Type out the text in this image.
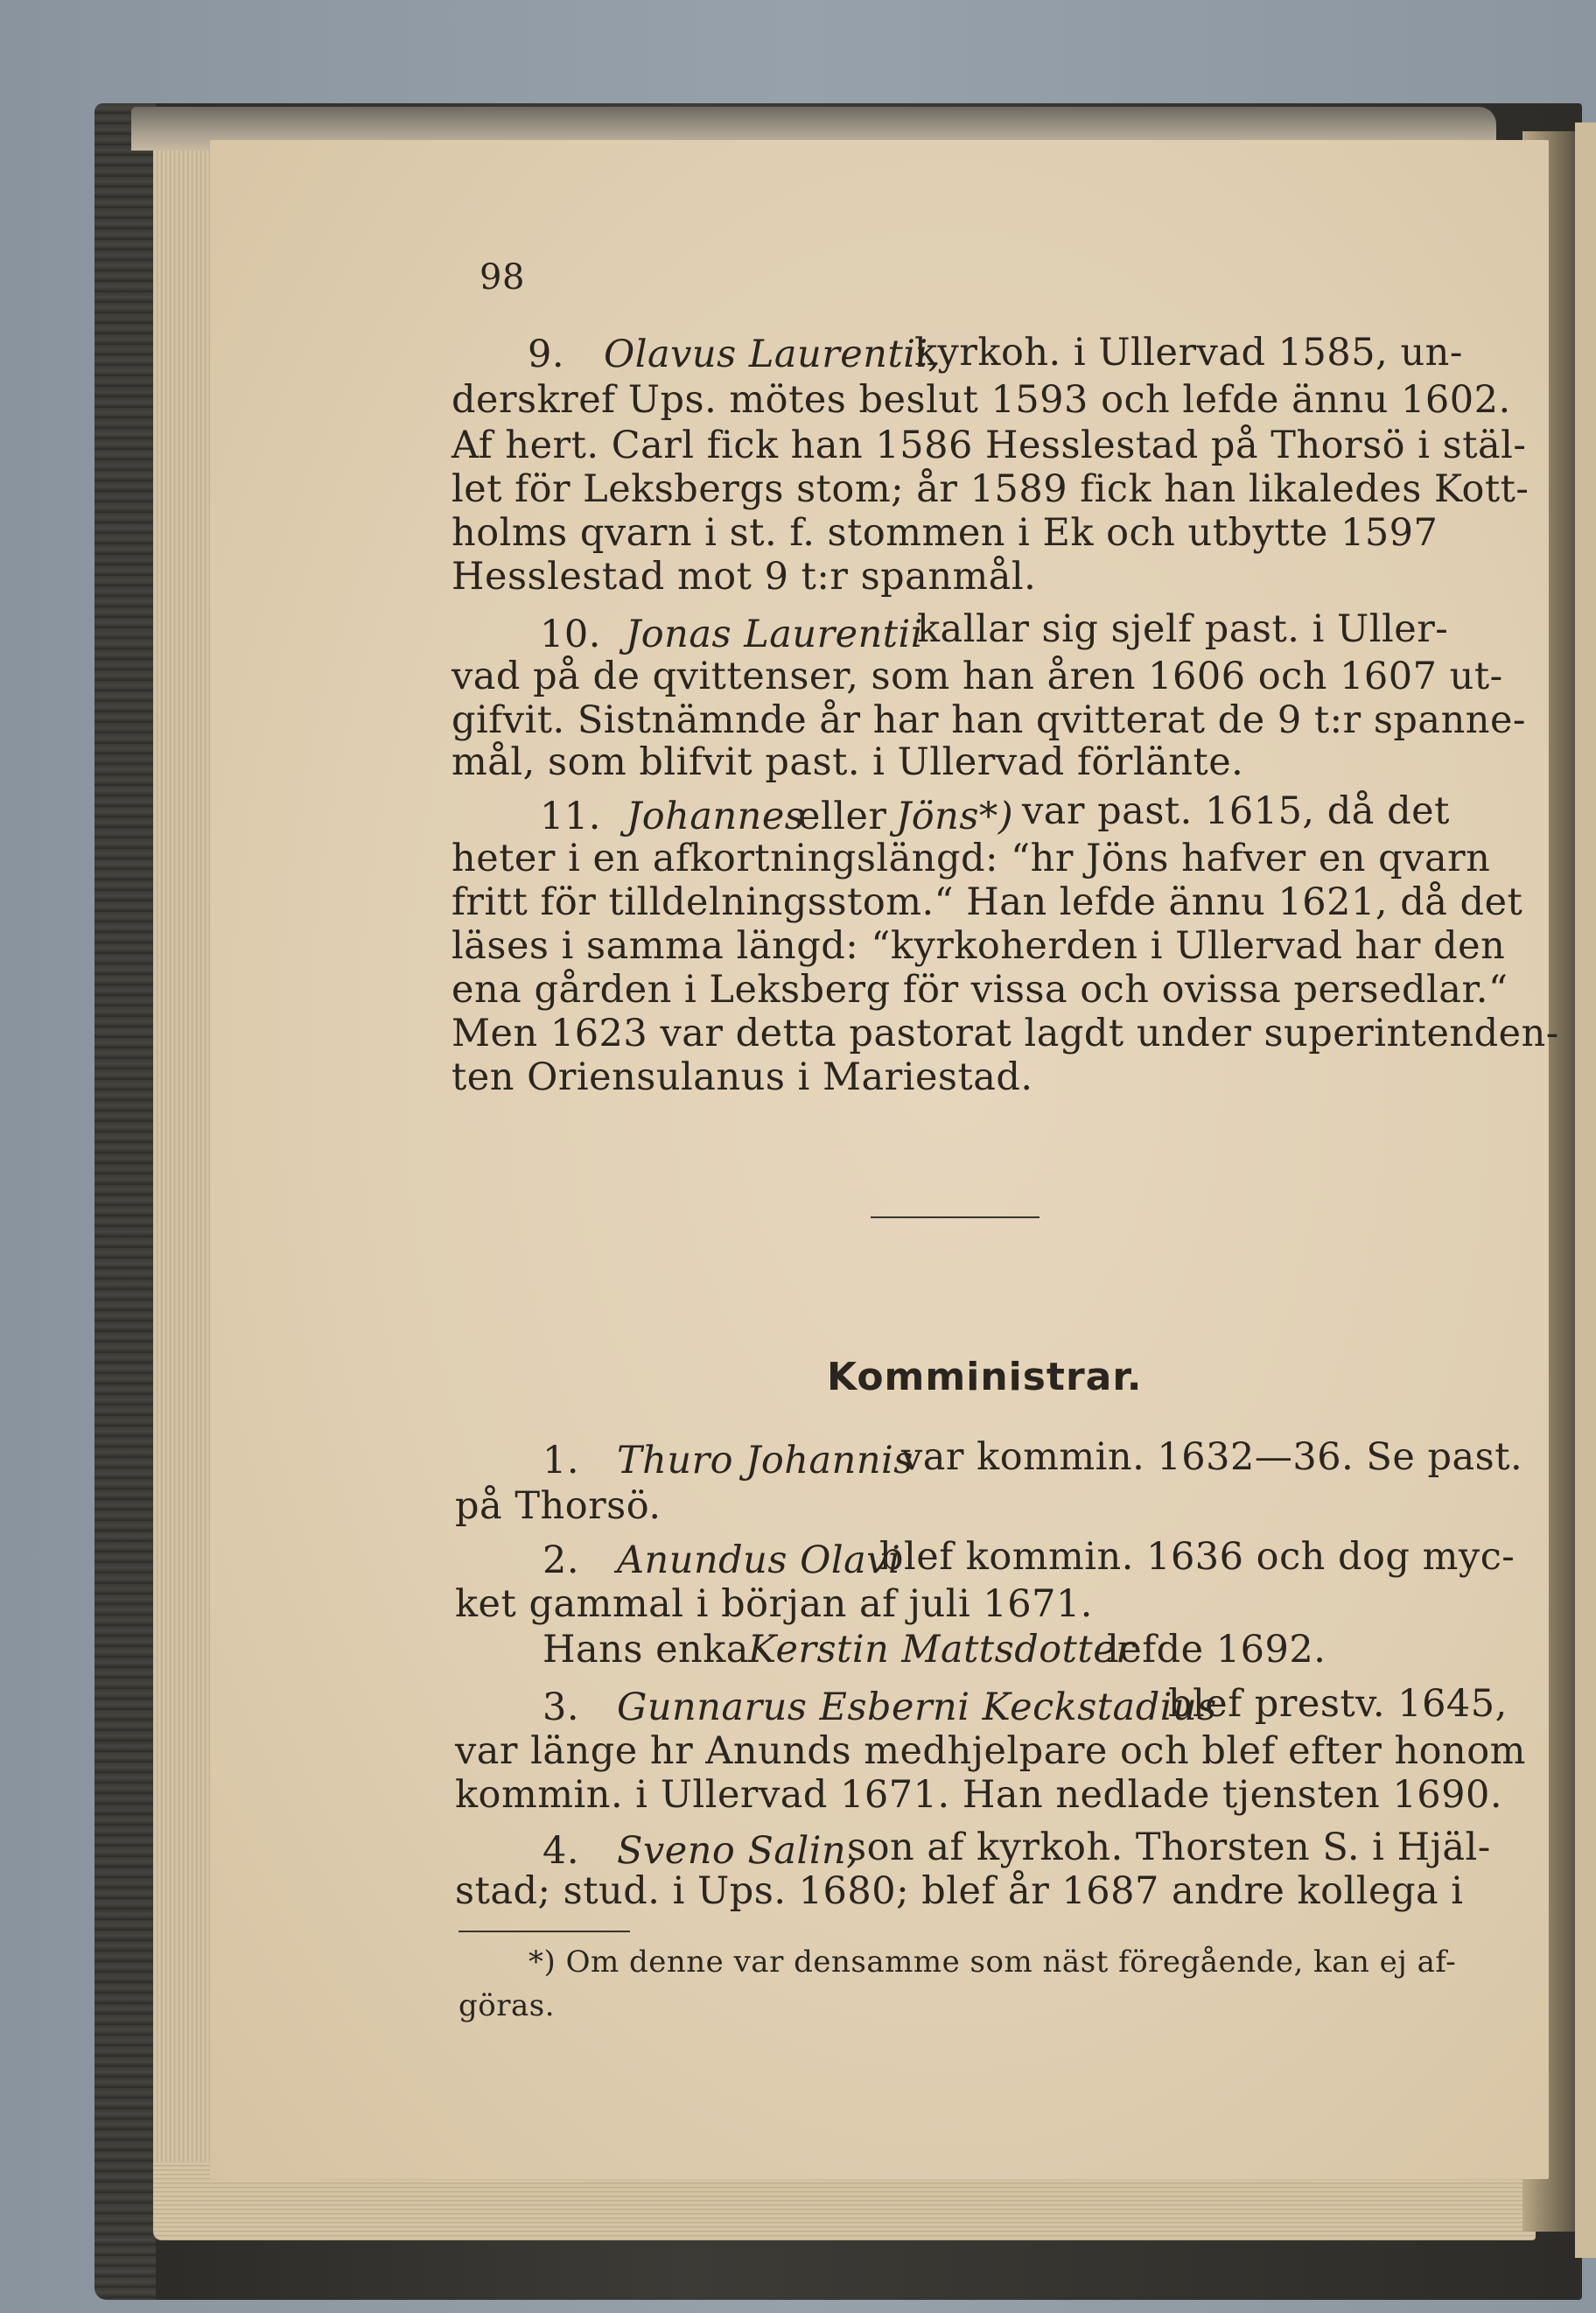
98

9. Olavus Laurentii,

kyrkoh. i Ullervad 1585, un-

derskref Ups. mötes beslut 1593 och lefde ännu 1602.

Af hert. Carl fick han 1586 Hesslestad på Thorsö i stäl-

let för Leksbergs stom; år 1589 fick han likaledes Kott-

holms qvarn i st. f. stommen i Ek och utbytte 1597

Hesslestad mot 9 t:r spanmål.

10. Jonas Laurentii

kallar sig sjelf past. i Uller-

vad på de qvittenser, som han åren 1606 och 1607 ut-

gifvit. Sistnämnde år har han qvitterat de 9 t:r spanne-

mål, som blifvit past. i Ullervad förlänte.

11. Johannes

eller Jöns*) var past. 1615, då det

heter i en afkortningslängd: “hr Jöns hafver en qvarn

fritt för tilldelningsstom.“ Han lefde ännu 1621, då det

läses i samma längd: “kyrkoherden i Ullervad har den

ena gården i Leksberg för vissa och ovissa persedlar.“

Men 1623 var detta pastorat lagdt under superintenden-

ten Oriensulanus i Mariestad.

Komministrar.

1. Thuro Johannis

var kommin. 1632—36. Se past.

på Thorsö.

2. Anundus Olavi

blef kommin. 1636 och dog myc-

ket gammal i början af juli 1671.

Hans enka Kerstin Mattsdotter

lefde 1692.

3. Gunnarus Esberni Keckstadius

blef prestv. 1645,

var länge hr Anunds medhjelpare och blef efter honom

kommin. i Ullervad 1671. Han nedlade tjensten 1690.

4. Sveno Salin,

son af kyrkoh. Thorsten S. i Hjäl-

stad; stud. i Ups. 1680; blef år 1687 andre kollega i

*) Om denne var densamme som näst föregående, kan ej af-

göras.
